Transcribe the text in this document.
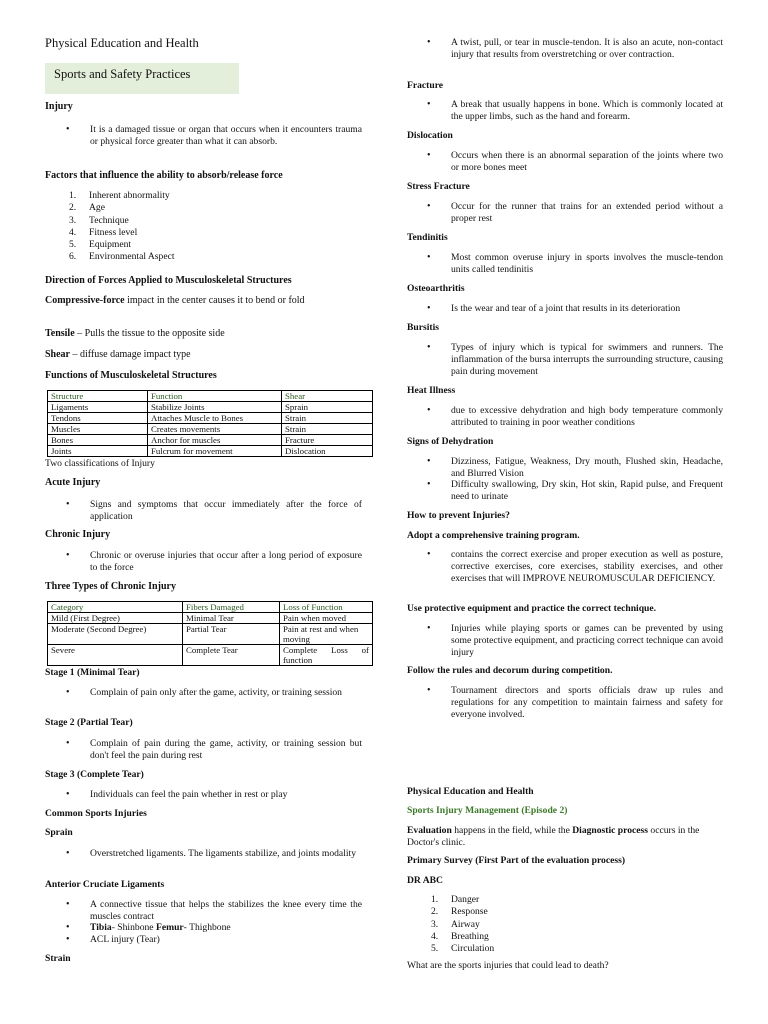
Physical Education and Health
Sports and Safety Practices
Injury
• It is a damaged tissue or organ that occurs when it encounters trauma or physical force greater than what it can absorb.
Factors that influence the ability to absorb/release force
1. Inherent abnormality
2. Age
3. Technique
4. Fitness level
5. Equipment
6. Environmental Aspect
Direction of Forces Applied to Musculoskeletal Structures
Compressive-force impact in the center causes it to bend or fold
Tensile – Pulls the tissue to the opposite side
Shear – diffuse damage impact type
Functions of Musculoskeletal Structures
Structure	Function	Shear
Ligaments	Stabilize Joints	Sprain
Tendons	Attaches Muscle to Bones	Strain
Muscles	Creates movements	Strain
Bones	Anchor for muscles	Fracture
Joints	Fulcrum for movement	Dislocation
Two classifications of Injury
Acute Injury
• Signs and symptoms that occur immediately after the force of application
Chronic Injury
• Chronic or overuse injuries that occur after a long period of exposure to the force
Three Types of Chronic Injury
Category	Fibers Damaged	Loss of Function
Mild (First Degree)	Minimal Tear	Pain when moved
Moderate (Second Degree)	Partial Tear	Pain at rest and when moving
Severe	Complete Tear	Complete Loss of function
Stage 1 (Minimal Tear)
• Complain of pain only after the game, activity, or training session
Stage 2 (Partial Tear)
• Complain of pain during the game, activity, or training session but don't feel the pain during rest
Stage 3 (Complete Tear)
• Individuals can feel the pain whether in rest or play
Common Sports Injuries
Sprain
• Overstretched ligaments. The ligaments stabilize, and joints modality
Anterior Cruciate Ligaments
• A connective tissue that helps the stabilizes the knee every time the muscles contract
• Tibia- Shinbone Femur- Thighbone
• ACL injury (Tear)
Strain
• A twist, pull, or tear in muscle-tendon. It is also an acute, non-contact injury that results from overstretching or over contraction.
Fracture
• A break that usually happens in bone. Which is commonly located at the upper limbs, such as the hand and forearm.
Dislocation
• Occurs when there is an abnormal separation of the joints where two or more bones meet
Stress Fracture
• Occur for the runner that trains for an extended period without a proper rest
Tendinitis
• Most common overuse injury in sports involves the muscle-tendon units called tendinitis
Osteoarthritis
• Is the wear and tear of a joint that results in its deterioration
Bursitis
• Types of injury which is typical for swimmers and runners. The inflammation of the bursa interrupts the surrounding structure, causing pain during movement
Heat Illness
• due to excessive dehydration and high body temperature commonly attributed to training in poor weather conditions
Signs of Dehydration
• Dizziness, Fatigue, Weakness, Dry mouth, Flushed skin, Headache, and Blurred Vision
• Difficulty swallowing, Dry skin, Hot skin, Rapid pulse, and Frequent need to urinate
How to prevent Injuries?
Adopt a comprehensive training program.
• contains the correct exercise and proper execution as well as posture, corrective exercises, core exercises, stability exercises, and other exercises that will IMPROVE NEUROMUSCULAR DEFICIENCY.
Use protective equipment and practice the correct technique.
• Injuries while playing sports or games can be prevented by using some protective equipment, and practicing correct technique can avoid injury
Follow the rules and decorum during competition.
• Tournament directors and sports officials draw up rules and regulations for any competition to maintain fairness and safety for everyone involved.
Physical Education and Health
Sports Injury Management (Episode 2)
Evaluation happens in the field, while the Diagnostic process occurs in the Doctor's clinic.
Primary Survey (First Part of the evaluation process)
DR ABC
1. Danger
2. Response
3. Airway
4. Breathing
5. Circulation
What are the sports injuries that could lead to death?
